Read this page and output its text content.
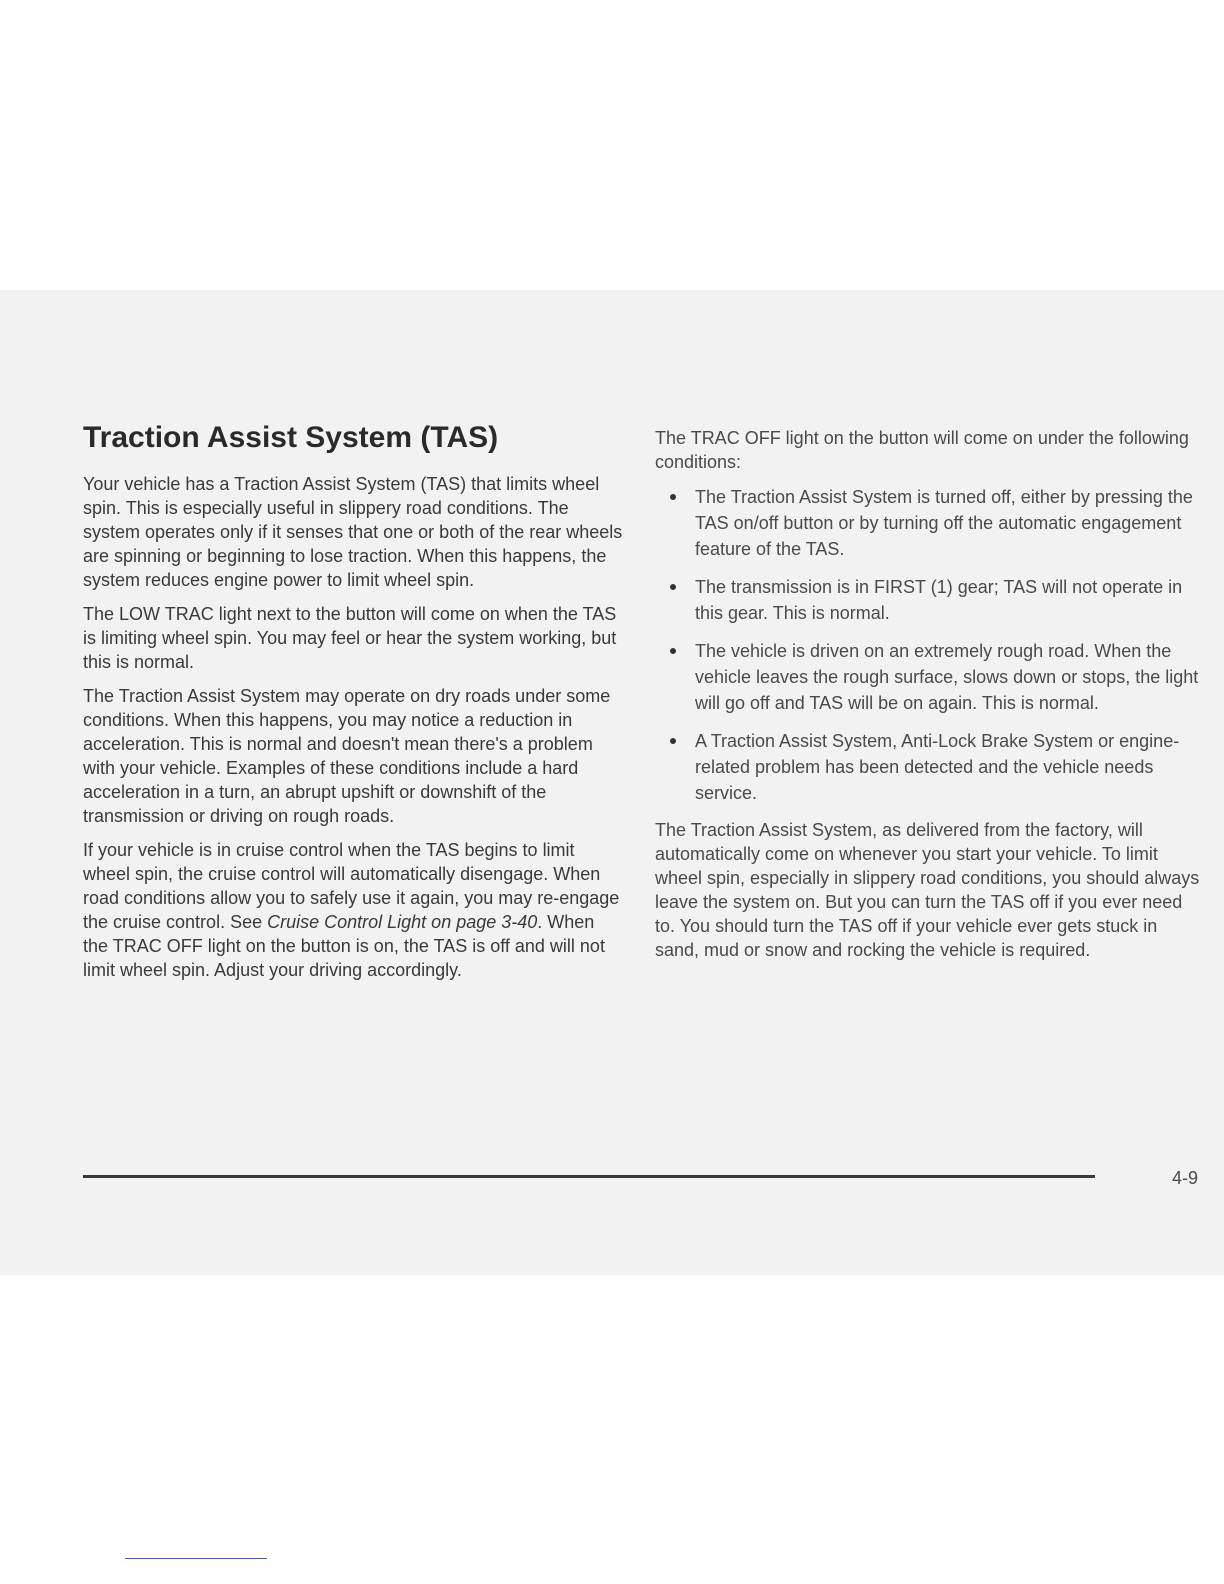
Traction Assist System (TAS)

Your vehicle has a Traction Assist System (TAS) that limits wheel spin. This is especially useful in slippery road conditions. The system operates only if it senses that one or both of the rear wheels are spinning or beginning to lose traction. When this happens, the system reduces engine power to limit wheel spin.

The LOW TRAC light next to the button will come on when the TAS is limiting wheel spin. You may feel or hear the system working, but this is normal.

The Traction Assist System may operate on dry roads under some conditions. When this happens, you may notice a reduction in acceleration. This is normal and doesn't mean there's a problem with your vehicle. Examples of these conditions include a hard acceleration in a turn, an abrupt upshift or downshift of the transmission or driving on rough roads.

If your vehicle is in cruise control when the TAS begins to limit wheel spin, the cruise control will automatically disengage. When road conditions allow you to safely use it again, you may re-engage the cruise control. See Cruise Control Light on page 3-40. When the TRAC OFF light on the button is on, the TAS is off and will not limit wheel spin. Adjust your driving accordingly.

The TRAC OFF light on the button will come on under the following conditions:

The Traction Assist System is turned off, either by pressing the TAS on/off button or by turning off the automatic engagement feature of the TAS.
The transmission is in FIRST (1) gear; TAS will not operate in this gear. This is normal.
The vehicle is driven on an extremely rough road. When the vehicle leaves the rough surface, slows down or stops, the light will go off and TAS will be on again. This is normal.
A Traction Assist System, Anti-Lock Brake System or engine-related problem has been detected and the vehicle needs service.

The Traction Assist System, as delivered from the factory, will automatically come on whenever you start your vehicle. To limit wheel spin, especially in slippery road conditions, you should always leave the system on. But you can turn the TAS off if you ever need to. You should turn the TAS off if your vehicle ever gets stuck in sand, mud or snow and rocking the vehicle is required.

4-9
